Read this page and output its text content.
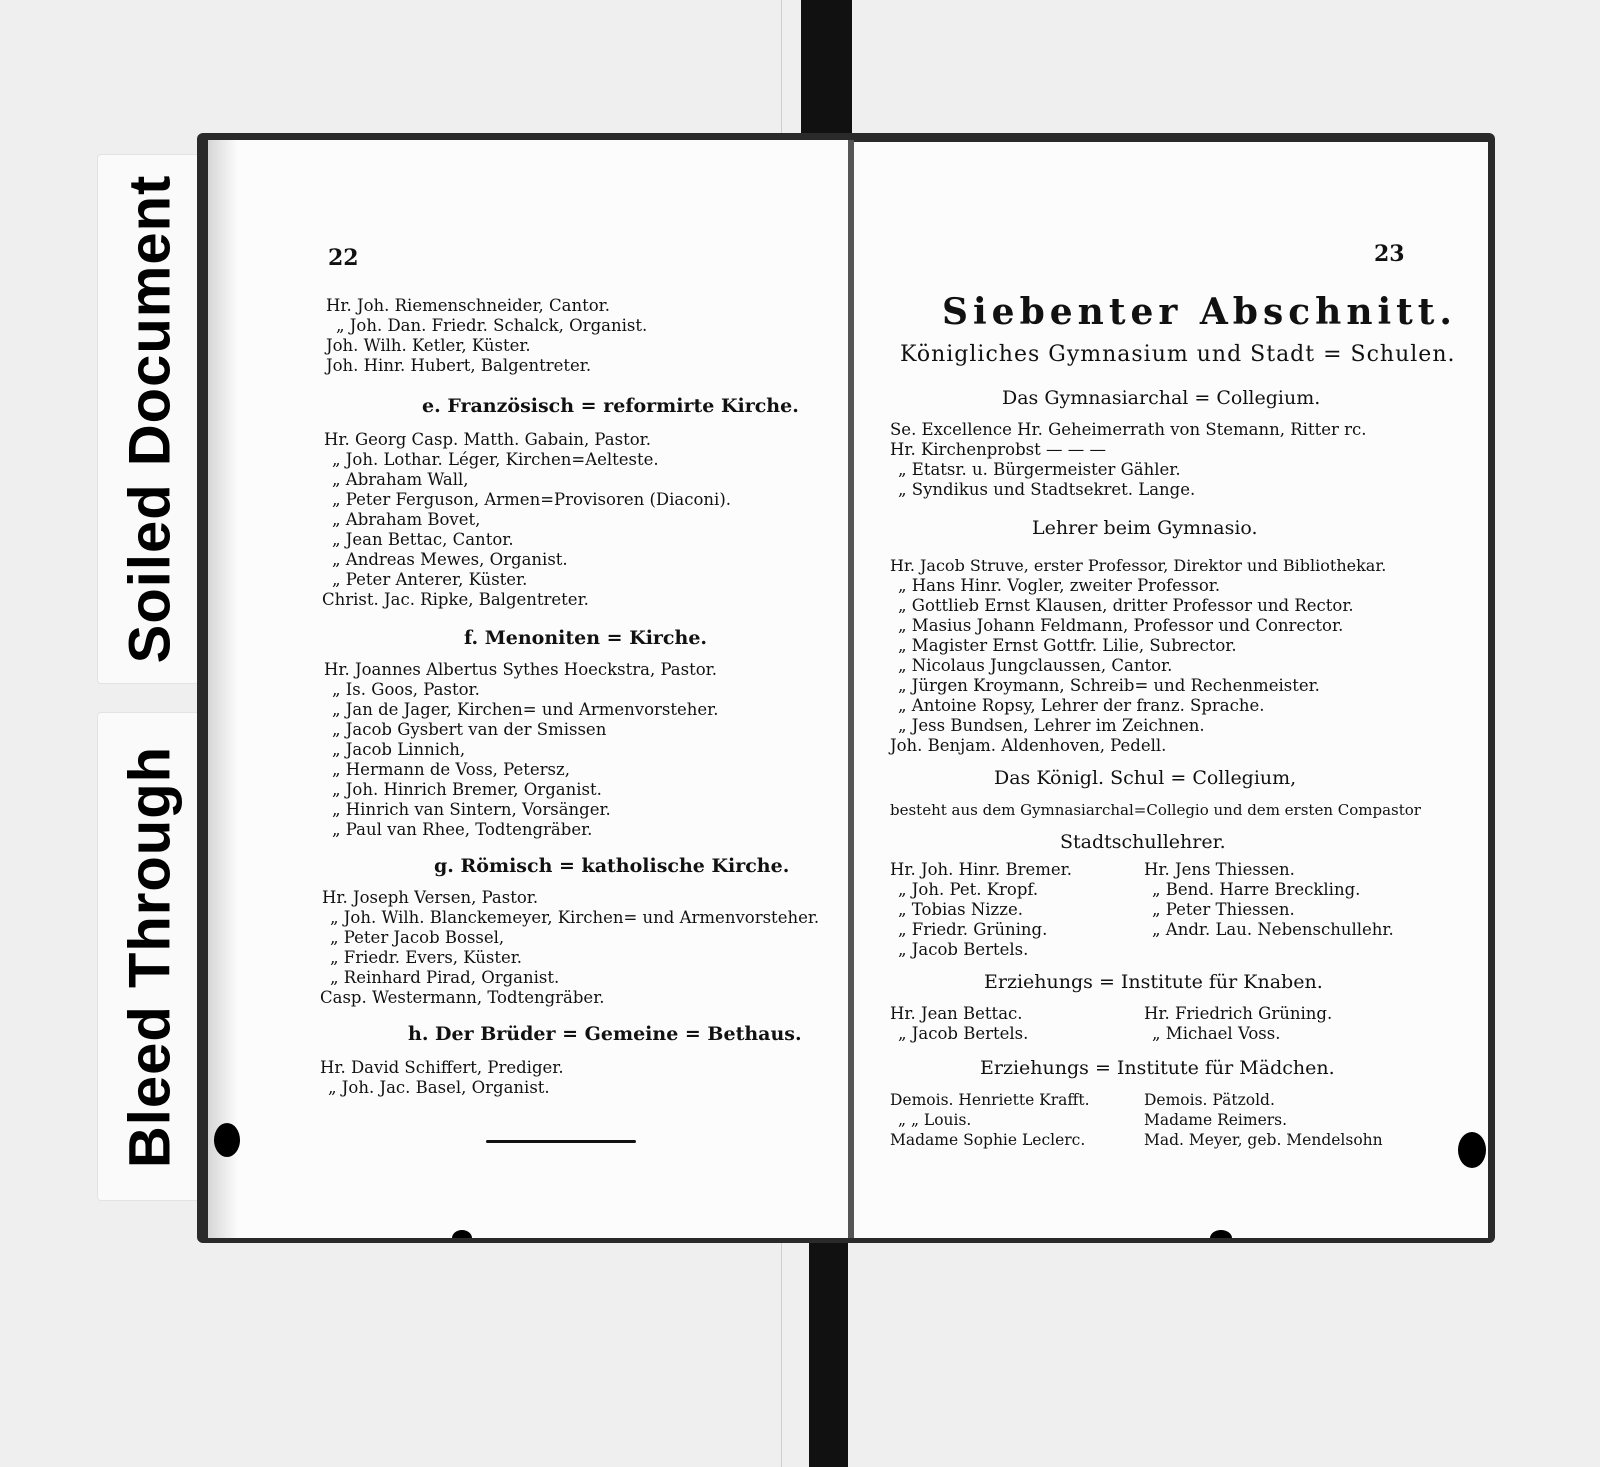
Soiled Document
Bleed Through
22
Hr. Joh. Riemenschneider, Cantor.
„ Joh. Dan. Friedr. Schalck, Organist.
Joh. Wilh. Ketler, Küster.
Joh. Hinr. Hubert, Balgentreter.
e. Französisch = reformirte Kirche.
Hr. Georg Casp. Matth. Gabain, Pastor.
„ Joh. Lothar. Léger, Kirchen=Aelteste.
„ Abraham Wall,
„ Peter Ferguson, Armen=Provisoren (Diaconi).
„ Abraham Bovet,
„ Jean Bettac, Cantor.
„ Andreas Mewes, Organist.
„ Peter Anterer, Küster.
Christ. Jac. Ripke, Balgentreter.
f. Menoniten = Kirche.
Hr. Joannes Albertus Sythes Hoeckstra, Pastor.
„ Is. Goos, Pastor.
„ Jan de Jager, Kirchen= und Armenvorsteher.
„ Jacob Gysbert van der Smissen
„ Jacob Linnich,
„ Hermann de Voss, Petersz,
„ Joh. Hinrich Bremer, Organist.
„ Hinrich van Sintern, Vorsänger.
„ Paul van Rhee, Todtengräber.
g. Römisch = katholische Kirche.
Hr. Joseph Versen, Pastor.
„ Joh. Wilh. Blanckemeyer, Kirchen= und Armenvorsteher.
„ Peter Jacob Bossel,
„ Friedr. Evers, Küster.
„ Reinhard Pirad, Organist.
Casp. Westermann, Todtengräber.
h. Der Brüder = Gemeine = Bethaus.
Hr. David Schiffert, Prediger.
„ Joh. Jac. Basel, Organist.
23
Siebenter Abschnitt.
Königliches Gymnasium und Stadt = Schulen.
Das Gymnasiarchal = Collegium.
Se. Excellence Hr. Geheimerrath von Stemann, Ritter rc.
Hr. Kirchenprobst — — —
„ Etatsr. u. Bürgermeister Gähler.
„ Syndikus und Stadtsekret. Lange.
Lehrer beim Gymnasio.
Hr. Jacob Struve, erster Professor, Direktor und Bibliothekar.
„ Hans Hinr. Vogler, zweiter Professor.
„ Gottlieb Ernst Klausen, dritter Professor und Rector.
„ Masius Johann Feldmann, Professor und Conrector.
„ Magister Ernst Gottfr. Lilie, Subrector.
„ Nicolaus Jungclaussen, Cantor.
„ Jürgen Kroymann, Schreib= und Rechenmeister.
„ Antoine Ropsy, Lehrer der franz. Sprache.
„ Jess Bundsen, Lehrer im Zeichnen.
Joh. Benjam. Aldenhoven, Pedell.
Das Königl. Schul = Collegium,
besteht aus dem Gymnasiarchal=Collegio und dem ersten Compastor
Stadtschullehrer.
Hr. Joh. Hinr. Bremer.
„ Joh. Pet. Kropf.
„ Tobias Nizze.
„ Friedr. Grüning.
„ Jacob Bertels.
Hr. Jens Thiessen.
„ Bend. Harre Breckling.
„ Peter Thiessen.
„ Andr. Lau. Nebenschullehr.
Erziehungs = Institute für Knaben.
Hr. Jean Bettac.
„ Jacob Bertels.
Hr. Friedrich Grüning.
„ Michael Voss.
Erziehungs = Institute für Mädchen.
Demois. Henriette Krafft.
„ „ Louis.
Madame Sophie Leclerc.
Demois. Pätzold.
Madame Reimers.
Mad. Meyer, geb. Mendelsohn
